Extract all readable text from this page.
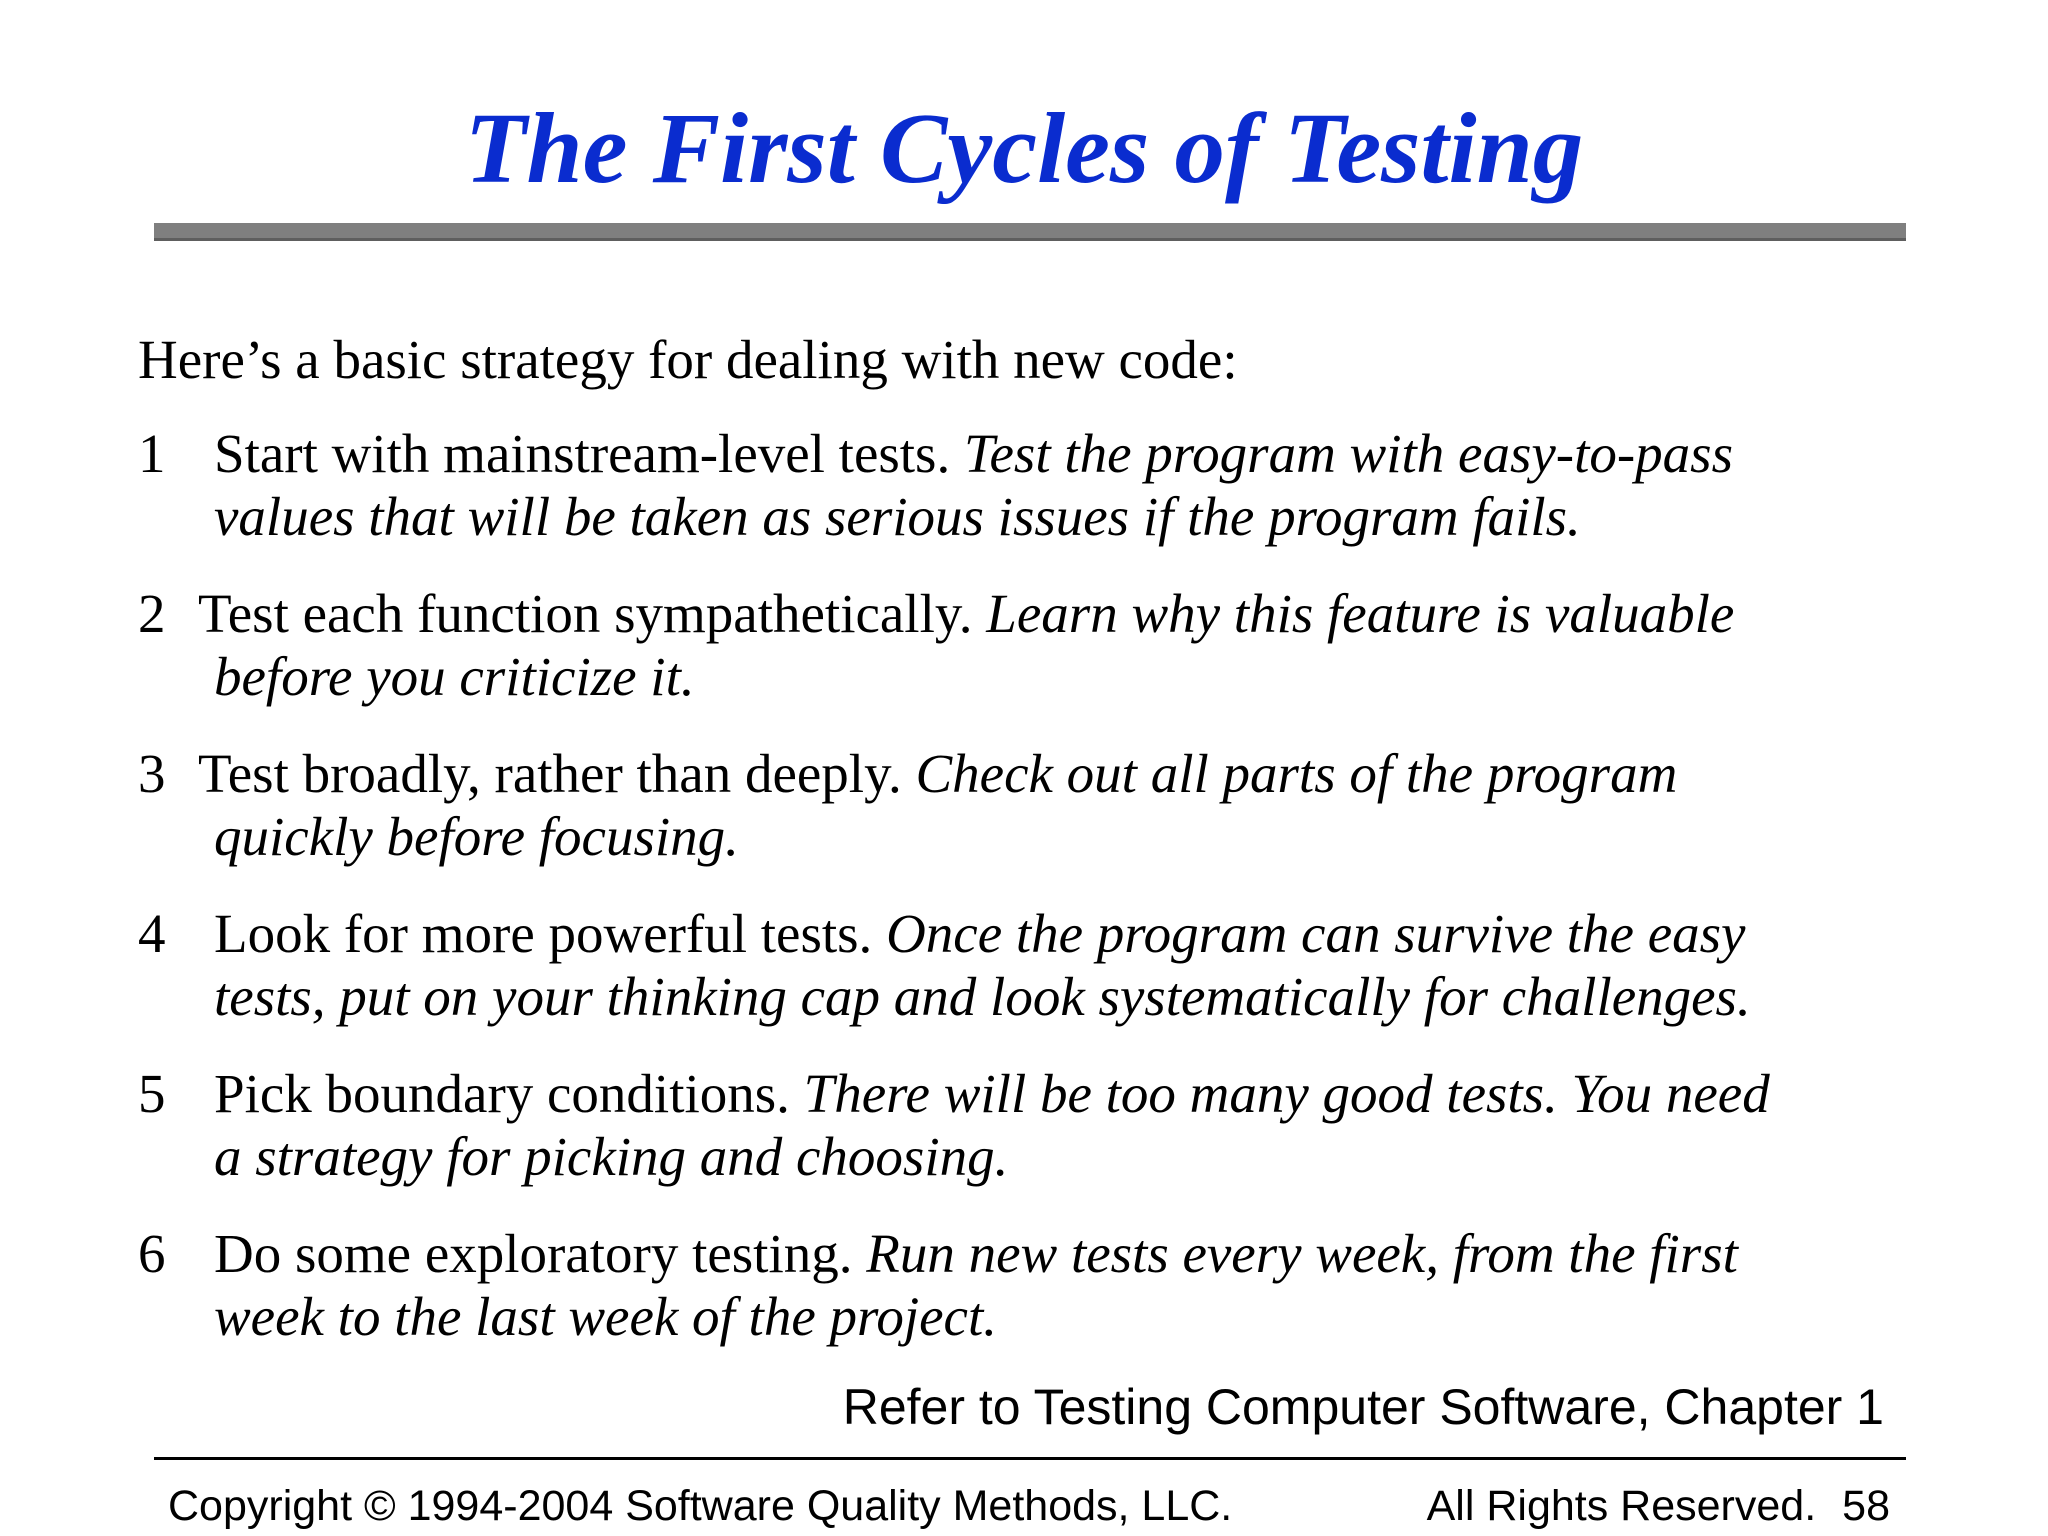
The First Cycles of Testing
Here’s a basic strategy for dealing with new code:
1 Start with mainstream-level tests. Test the program with easy-to-pass
values that will be taken as serious issues if the program fails.
2 Test each function sympathetically. Learn why this feature is valuable
before you criticize it.
3 Test broadly, rather than deeply. Check out all parts of the program
quickly before focusing.
4 Look for more powerful tests. Once the program can survive the easy
tests, put on your thinking cap and look systematically for challenges.
5 Pick boundary conditions. There will be too many good tests. You need
a strategy for picking and choosing.
6 Do some exploratory testing. Run new tests every week, from the first
week to the last week of the project.
Refer to Testing Computer Software, Chapter 1
Copyright © 1994-2004 Software Quality Methods, LLC.	All Rights Reserved. 58
